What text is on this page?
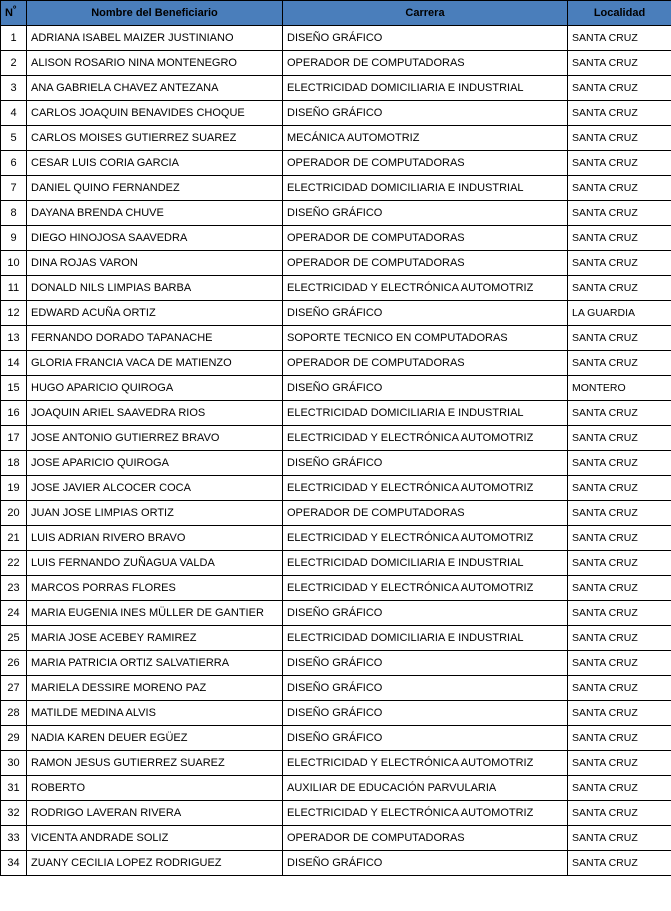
$N^º$	Nombre del Beneficiario	Carrera	Localidad
1	ADRIANA ISABEL MAIZER JUSTINIANO	DISEÑO GRÁFICO	SANTA CRUZ
2	ALISON ROSARIO NINA MONTENEGRO	OPERADOR DE COMPUTADORAS	SANTA CRUZ
3	ANA GABRIELA CHAVEZ ANTEZANA	ELECTRICIDAD DOMICILIARIA E INDUSTRIAL	SANTA CRUZ
4	CARLOS JOAQUIN BENAVIDES CHOQUE	DISEÑO GRÁFICO	SANTA CRUZ
5	CARLOS MOISES GUTIERREZ SUAREZ	MECÁNICA AUTOMOTRIZ	SANTA CRUZ
6	CESAR LUIS CORIA GARCIA	OPERADOR DE COMPUTADORAS	SANTA CRUZ
7	DANIEL QUINO FERNANDEZ	ELECTRICIDAD DOMICILIARIA E INDUSTRIAL	SANTA CRUZ
8	DAYANA BRENDA CHUVE	DISEÑO GRÁFICO	SANTA CRUZ
9	DIEGO HINOJOSA SAAVEDRA	OPERADOR DE COMPUTADORAS	SANTA CRUZ
10	DINA ROJAS VARON	OPERADOR DE COMPUTADORAS	SANTA CRUZ
11	DONALD NILS LIMPIAS BARBA	ELECTRICIDAD Y ELECTRÓNICA AUTOMOTRIZ	SANTA CRUZ
12	EDWARD ACUÑA ORTIZ	DISEÑO GRÁFICO	LA GUARDIA
13	FERNANDO DORADO TAPANACHE	SOPORTE TECNICO EN COMPUTADORAS	SANTA CRUZ
14	GLORIA FRANCIA VACA DE MATIENZO	OPERADOR DE COMPUTADORAS	SANTA CRUZ
15	HUGO APARICIO QUIROGA	DISEÑO GRÁFICO	MONTERO
16	JOAQUIN ARIEL SAAVEDRA RIOS	ELECTRICIDAD DOMICILIARIA E INDUSTRIAL	SANTA CRUZ
17	JOSE ANTONIO GUTIERREZ BRAVO	ELECTRICIDAD Y ELECTRÓNICA AUTOMOTRIZ	SANTA CRUZ
18	JOSE APARICIO QUIROGA	DISEÑO GRÁFICO	SANTA CRUZ
19	JOSE JAVIER ALCOCER COCA	ELECTRICIDAD Y ELECTRÓNICA AUTOMOTRIZ	SANTA CRUZ
20	JUAN JOSE LIMPIAS ORTIZ	OPERADOR DE COMPUTADORAS	SANTA CRUZ
21	LUIS ADRIAN RIVERO BRAVO	ELECTRICIDAD Y ELECTRÓNICA AUTOMOTRIZ	SANTA CRUZ
22	LUIS FERNANDO ZUÑAGUA VALDA	ELECTRICIDAD DOMICILIARIA E INDUSTRIAL	SANTA CRUZ
23	MARCOS PORRAS FLORES	ELECTRICIDAD Y ELECTRÓNICA AUTOMOTRIZ	SANTA CRUZ
24	MARIA EUGENIA INES MÜLLER DE GANTIER	DISEÑO GRÁFICO	SANTA CRUZ
25	MARIA JOSE ACEBEY RAMIREZ	ELECTRICIDAD DOMICILIARIA E INDUSTRIAL	SANTA CRUZ
26	MARIA PATRICIA ORTIZ SALVATIERRA	DISEÑO GRÁFICO	SANTA CRUZ
27	MARIELA DESSIRE MORENO PAZ	DISEÑO GRÁFICO	SANTA CRUZ
28	MATILDE MEDINA ALVIS	DISEÑO GRÁFICO	SANTA CRUZ
29	NADIA KAREN DEUER EGÜEZ	DISEÑO GRÁFICO	SANTA CRUZ
30	RAMON JESUS GUTIERREZ SUAREZ	ELECTRICIDAD Y ELECTRÓNICA AUTOMOTRIZ	SANTA CRUZ
31	ROBERTO	AUXILIAR DE EDUCACIÓN PARVULARIA	SANTA CRUZ
32	RODRIGO LAVERAN RIVERA	ELECTRICIDAD Y ELECTRÓNICA AUTOMOTRIZ	SANTA CRUZ
33	VICENTA ANDRADE SOLIZ	OPERADOR DE COMPUTADORAS	SANTA CRUZ
34	ZUANY CECILIA LOPEZ RODRIGUEZ	DISEÑO GRÁFICO	SANTA CRUZ
